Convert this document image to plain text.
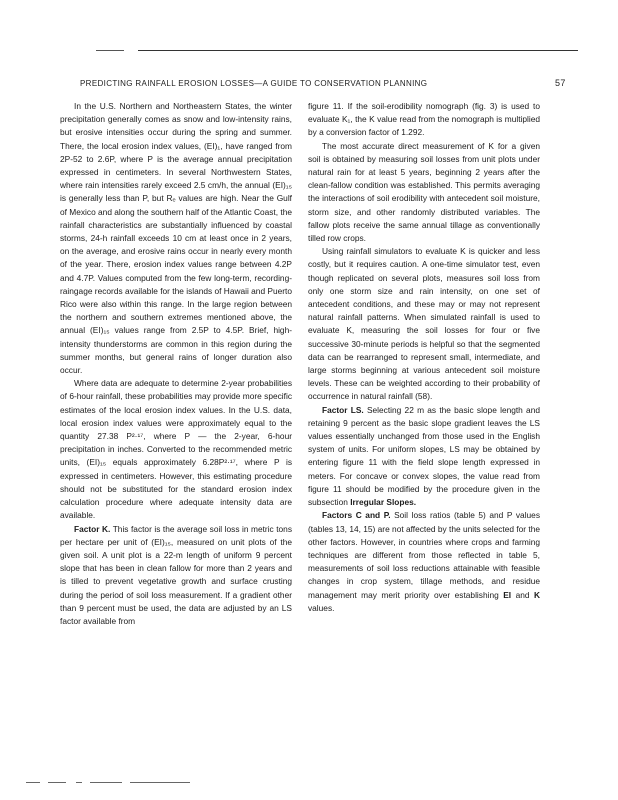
PREDICTING RAINFALL EROSION LOSSES—A GUIDE TO CONSERVATION PLANNING	57

In the U.S. Northern and Northeastern States, the winter precipitation generally comes as snow and low-intensity rains, but erosive intensities occur during the spring and summer. There, the local erosion index values, (EI)₁, have ranged from 2P-52 to 2.6P, where P is the average annual precipitation expressed in centimeters. In several Northwestern States, where rain intensities rarely exceed 2.5 cm/h, the annual (EI)₁₅ is generally less than P, but Rₑ values are high. Near the Gulf of Mexico and along the southern half of the Atlantic Coast, the rainfall characteristics are substantially influenced by coastal storms, 24-h rainfall exceeds 10 cm at least once in 2 years, on the average, and erosive rains occur in nearly every month of the year. There, erosion index values range between 4.2P and 4.7P. Values computed from the few long-term, recording-raingage records available for the islands of Hawaii and Puerto Rico were also within this range. In the large region between the northern and southern extremes mentioned above, the annual (EI)₁₅ values range from 2.5P to 4.5P. Brief, high-intensity thunderstorms are common in this region during the summer months, but general rains of longer duration also occur.

Where data are adequate to determine 2-year probabilities of 6-hour rainfall, these probabilities may provide more specific estimates of the local erosion index values. In the U.S. data, local erosion index values were approximately equal to the quantity 27.38 P²·¹⁷, where P — the 2-year, 6-hour precipitation in inches. Converted to the recommended metric units, (EI)₁₅ equals approximately 6.28P²·¹⁷, where P is expressed in centimeters. However, this estimating procedure should not be substituted for the standard erosion index calculation procedure where adequate intensity data are available.

Factor K. This factor is the average soil loss in metric tons per hectare per unit of (EI)₁₅, measured on unit plots of the given soil. A unit plot is a 22-m length of uniform 9 percent slope that has been in clean fallow for more than 2 years and is tilled to prevent vegetative growth and surface crusting during the period of soil loss measurement. If a gradient other than 9 percent must be used, the data are adjusted by an LS factor available from

figure 11. If the soil-erodibility nomograph (fig. 3) is used to evaluate K₁, the K value read from the nomograph is multiplied by a conversion factor of 1.292.

The most accurate direct measurement of K for a given soil is obtained by measuring soil losses from unit plots under natural rain for at least 5 years, beginning 2 years after the clean-fallow condition was established. This permits averaging the interactions of soil erodibility with antecedent soil moisture, storm size, and other randomly distributed variables. The fallow plots receive the same annual tillage as conventionally tilled row crops.

Using rainfall simulators to evaluate K is quicker and less costly, but it requires caution. A one-time simulator test, even though replicated on several plots, measures soil loss from only one storm size and rain intensity, on one set of antecedent conditions, and these may or may not represent natural rainfall patterns. When simulated rainfall is used to evaluate K, measuring the soil losses for four or five successive 30-minute periods is helpful so that the segmented data can be rearranged to represent small, intermediate, and large storms beginning at various antecedent soil moisture levels. These can be weighted according to their probability of occurrence in natural rainfall (58).

Factor LS. Selecting 22 m as the basic slope length and retaining 9 percent as the basic slope gradient leaves the LS values essentially unchanged from those used in the English system of units. For uniform slopes, LS may be obtained by entering figure 11 with the field slope length expressed in meters. For concave or convex slopes, the value read from figure 11 should be modified by the procedure given in the subsection Irregular Slopes.

Factors C and P. Soil loss ratios (table 5) and P values (tables 13, 14, 15) are not affected by the units selected for the other factors. However, in countries where crops and farming techniques are different from those reflected in table 5, measurements of soil loss reductions attainable with feasible changes in crop system, tillage methods, and residue management may merit priority over establishing EI and K values.
